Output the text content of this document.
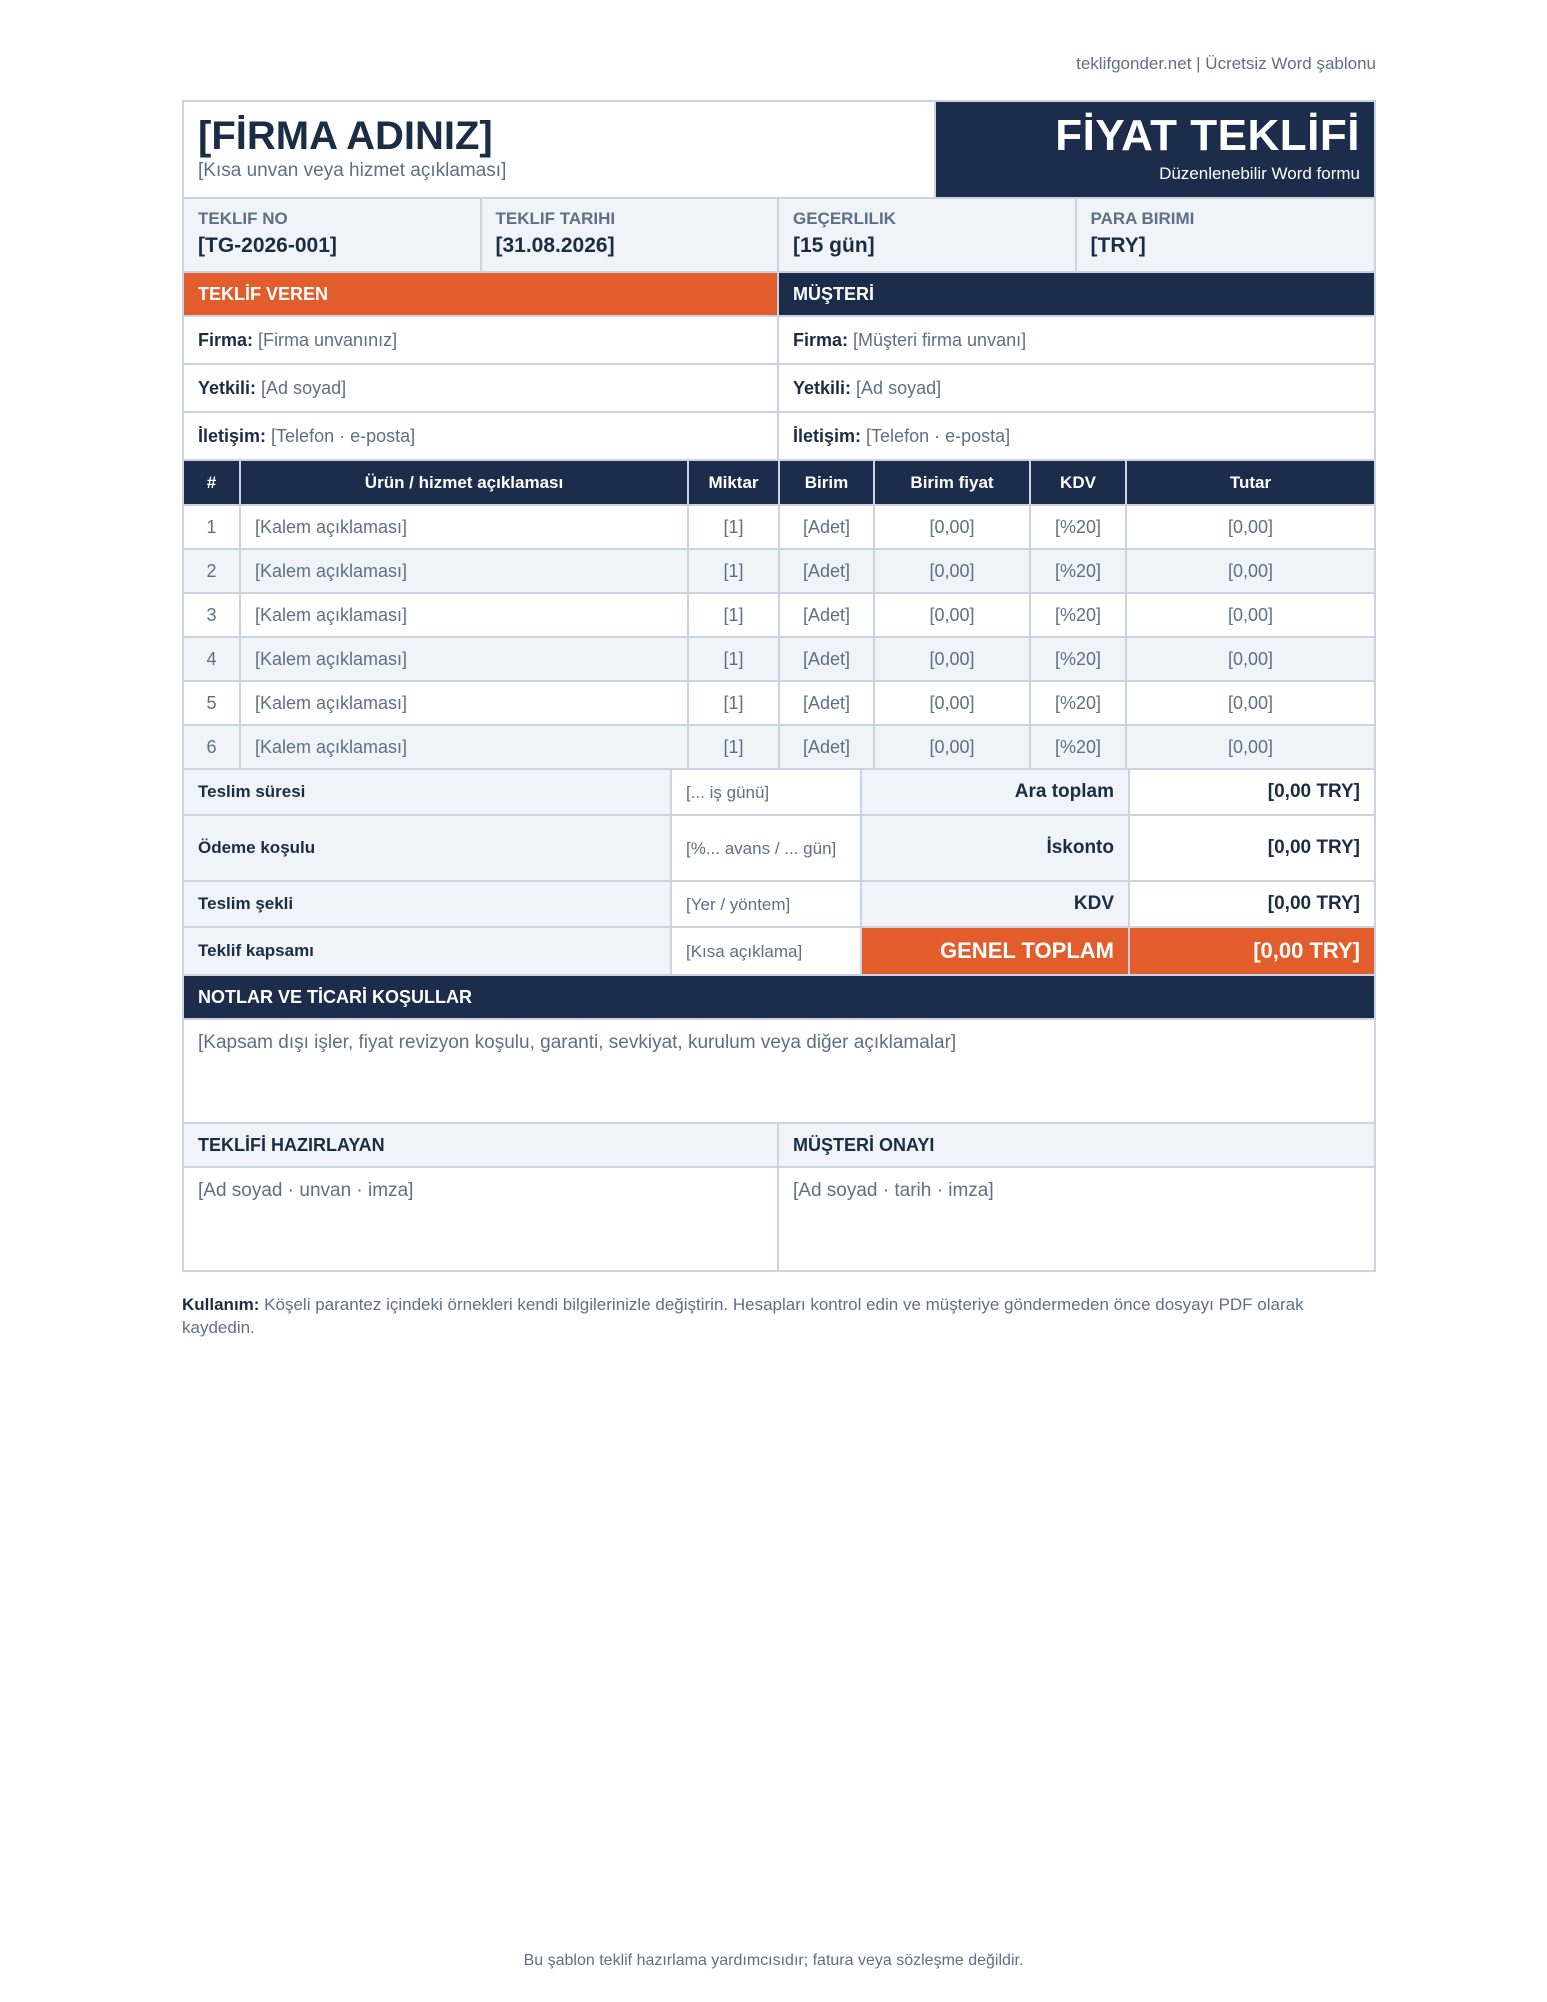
teklifgonder.net | Ücretsiz Word şablonu
[FİRMA ADINIZ]
[Kısa unvan veya hizmet açıklaması]
FİYAT TEKLİFİ
Düzenlenebilir Word formu
TEKLIF NO
[TG-2026-001]
TEKLIF TARIHI
[31.08.2026]
GEÇERLILIK
[15 gün]
PARA BIRIMI
[TRY]
TEKLİF VEREN	MÜŞTERİ
Firma: [Firma unvanınız]	Firma: [Müşteri firma unvanı]
Yetkili: [Ad soyad]	Yetkili: [Ad soyad]
İletişim: [Telefon · e-posta]	İletişim: [Telefon · e-posta]
#	Ürün / hizmet açıklaması	Miktar	Birim	Birim fiyat	KDV	Tutar
1	[Kalem açıklaması]	[1]	[Adet]	[0,00]	[%20]	[0,00]
2	[Kalem açıklaması]	[1]	[Adet]	[0,00]	[%20]	[0,00]
3	[Kalem açıklaması]	[1]	[Adet]	[0,00]	[%20]	[0,00]
4	[Kalem açıklaması]	[1]	[Adet]	[0,00]	[%20]	[0,00]
5	[Kalem açıklaması]	[1]	[Adet]	[0,00]	[%20]	[0,00]
6	[Kalem açıklaması]	[1]	[Adet]	[0,00]	[%20]	[0,00]
Teslim süresi	[... iş günü]	Ara toplam	[0,00 TRY]
Ödeme koşulu	[%... avans / ... gün]	İskonto	[0,00 TRY]
Teslim şekli	[Yer / yöntem]	KDV	[0,00 TRY]
Teklif kapsamı	[Kısa açıklama]	GENEL TOPLAM	[0,00 TRY]
NOTLAR VE TİCARİ KOŞULLAR
[Kapsam dışı işler, fiyat revizyon koşulu, garanti, sevkiyat, kurulum veya diğer açıklamalar]
TEKLİFİ HAZIRLAYAN	MÜŞTERİ ONAYI
[Ad soyad · unvan · imza]	[Ad soyad · tarih · imza]
Kullanım: Köşeli parantez içindeki örnekleri kendi bilgilerinizle değiştirin. Hesapları kontrol edin ve müşteriye göndermeden önce dosyayı PDF olarak kaydedin.
Bu şablon teklif hazırlama yardımcısıdır; fatura veya sözleşme değildir.
